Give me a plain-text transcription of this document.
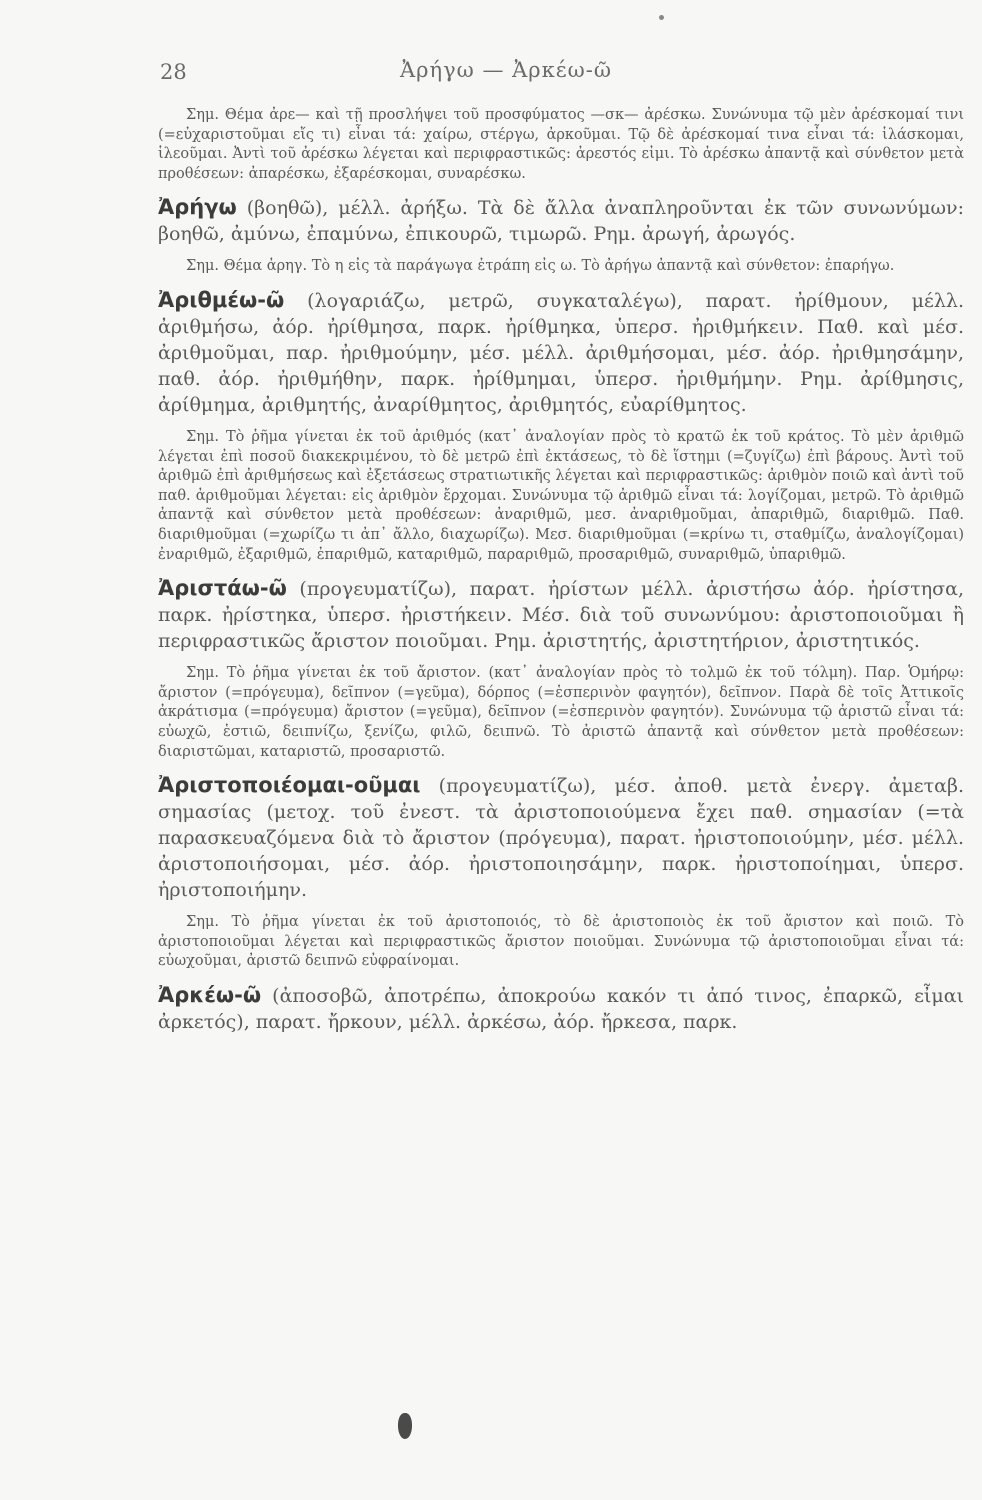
28	Ἀρήγω — Ἀρκέω-ῶ

Σημ. Θέμα ἀρε— καὶ τῇ προσλήψει τοῦ προσφύματος —σκ— ἀρέσκω. Συνώνυμα τῷ μὲν ἀρέσκομαί τινι (=εὐχαριστοῦμαι εἴς τι) εἶναι τά: χαίρω, στέργω, ἀρκοῦμαι. Τῷ δὲ ἀρέσκομαί τινα εἶναι τά: ἱλάσκομαι, ἱλεοῦμαι. Ἀντὶ τοῦ ἀρέσκω λέγεται καὶ περιφραστικῶς: ἀρεστός εἰμι. Τὸ ἀρέσκω ἀπαντᾷ καὶ σύνθετον μετὰ προθέσεων: ἀπαρέσκω, ἐξαρέσκομαι, συναρέσκω.

Ἀρήγω (βοηθῶ), μέλλ. ἀρήξω. Τὰ δὲ ἄλλα ἀναπληροῦνται ἐκ τῶν συνωνύμων: βοηθῶ, ἀμύνω, ἐπαμύνω, ἐπικουρῶ, τιμωρῶ. Ρημ. ἀρωγή, ἀρωγός.

Σημ. Θέμα ἀρηγ. Τὸ η εἰς τὰ παράγωγα ἐτράπη εἰς ω. Τὸ ἀρήγω ἀπαντᾷ καὶ σύνθετον: ἐπαρήγω.

Ἀριθμέω-ῶ (λογαριάζω, μετρῶ, συγκαταλέγω), παρατ. ἠρίθμουν, μέλλ. ἀριθμήσω, ἀόρ. ἠρίθμησα, παρκ. ἠρίθμηκα, ὑπερσ. ἠριθμήκειν. Παθ. καὶ μέσ. ἀριθμοῦμαι, παρ. ἠριθμούμην, μέσ. μέλλ. ἀριθμήσομαι, μέσ. ἀόρ. ἠριθμησάμην, παθ. ἀόρ. ἠριθμήθην, παρκ. ἠρίθμημαι, ὑπερσ. ἠριθμήμην. Ρημ. ἀρίθμησις, ἀρίθμημα, ἀριθμητής, ἀναρίθμητος, ἀριθμητός, εὐαρίθμητος.

Σημ. Τὸ ῥῆμα γίνεται ἐκ τοῦ ἀριθμός (κατ᾽ ἀναλογίαν πρὸς τὸ κρατῶ ἐκ τοῦ κράτος. Τὸ μὲν ἀριθμῶ λέγεται ἐπὶ ποσοῦ διακεκριμένου, τὸ δὲ μετρῶ ἐπὶ ἐκτάσεως, τὸ δὲ ἵστημι (=ζυγίζω) ἐπὶ βάρους. Ἀντὶ τοῦ ἀριθμῶ ἐπὶ ἀριθμήσεως καὶ ἐξετάσεως στρατιωτικῆς λέγεται καὶ περιφραστικῶς: ἀριθμὸν ποιῶ καὶ ἀντὶ τοῦ παθ. ἀριθμοῦμαι λέγεται: εἰς ἀριθμὸν ἔρχομαι. Συνώνυμα τῷ ἀριθμῶ εἶναι τά: λογίζομαι, μετρῶ. Τὸ ἀριθμῶ ἀπαντᾷ καὶ σύνθετον μετὰ προθέσεων: ἀναριθμῶ, μεσ. ἀναριθμοῦμαι, ἀπαριθμῶ, διαριθμῶ. Παθ. διαριθμοῦμαι (=χωρίζω τι ἀπ᾽ ἄλλο, διαχωρίζω). Μεσ. διαριθμοῦμαι (=κρίνω τι, σταθμίζω, ἀναλογίζομαι) ἐναριθμῶ, ἐξαριθμῶ, ἐπαριθμῶ, καταριθμῶ, παραριθμῶ, προσαριθμῶ, συναριθμῶ, ὑπαριθμῶ.

Ἀριστάω-ῶ (προγευματίζω), παρατ. ἠρίστων μέλλ. ἀριστήσω ἀόρ. ἠρίστησα, παρκ. ἠρίστηκα, ὑπερσ. ἠριστήκειν. Μέσ. διὰ τοῦ συνωνύμου: ἀριστοποιοῦμαι ἢ περιφραστικῶς ἄριστον ποιοῦμαι. Ρημ. ἀριστητής, ἀριστητήριον, ἀριστητικός.

Σημ. Τὸ ῥῆμα γίνεται ἐκ τοῦ ἄριστον. (κατ᾽ ἀναλογίαν πρὸς τὸ τολμῶ ἐκ τοῦ τόλμη). Παρ. Ὁμήρῳ: ἄριστον (=πρόγευμα), δεῖπνον (=γεῦμα), δόρπος (=ἑσπερινὸν φαγητόν), δεῖπνον. Παρὰ δὲ τοῖς Ἀττικοῖς ἀκράτισμα (=πρόγευμα) ἄριστον (=γεῦμα), δεῖπνον (=ἑσπερινὸν φαγητόν). Συνώνυμα τῷ ἀριστῶ εἶναι τά: εὐωχῶ, ἑστιῶ, δειπνίζω, ξενίζω, φιλῶ, δειπνῶ. Τὸ ἀριστῶ ἀπαντᾷ καὶ σύνθετον μετὰ προθέσεων: διαριστῶμαι, καταριστῶ, προσαριστῶ.

Ἀριστοποιέομαι-οῦμαι (προγευματίζω), μέσ. ἀποθ. μετὰ ἐνεργ. ἀμεταβ. σημασίας (μετοχ. τοῦ ἐνεστ. τὰ ἀριστοποιούμενα ἔχει παθ. σημασίαν (=τὰ παρασκευαζόμενα διὰ τὸ ἄριστον (πρόγευμα), παρατ. ἠριστοποιούμην, μέσ. μέλλ. ἀριστοποιήσομαι, μέσ. ἀόρ. ἠριστοποιησάμην, παρκ. ἠριστοποίημαι, ὑπερσ. ἠριστοποιήμην.

Σημ. Τὸ ῥῆμα γίνεται ἐκ τοῦ ἀριστοποιός, τὸ δὲ ἀριστοποιὸς ἐκ τοῦ ἄριστον καὶ ποιῶ. Τὸ ἀριστοποιοῦμαι λέγεται καὶ περιφραστικῶς ἄριστον ποιοῦμαι. Συνώνυμα τῷ ἀριστοποιοῦμαι εἶναι τά: εὐωχοῦμαι, ἀριστῶ δειπνῶ εὐφραίνομαι.

Ἀρκέω-ῶ (ἀποσοβῶ, ἀποτρέπω, ἀποκρούω κακόν τι ἀπό τινος, ἐπαρκῶ, εἶμαι ἀρκετός), παρατ. ἤρκουν, μέλλ. ἀρκέσω, ἀόρ. ἤρκεσα, παρκ.
